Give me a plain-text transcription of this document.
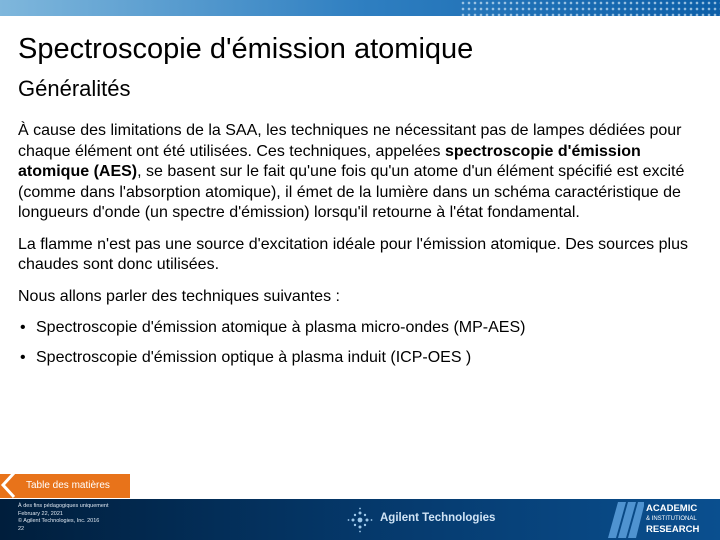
Spectroscopie d'émission atomique
Généralités

À cause des limitations de la SAA, les techniques ne nécessitant pas de lampes dédiées pour chaque élément ont été utilisées. Ces techniques, appelées spectroscopie d'émission atomique (AES), se basent sur le fait qu'une fois qu'un atome d'un élément spécifié est excité (comme dans l'absorption atomique), il émet de la lumière dans un schéma caractéristique de longueurs d'onde (un spectre d'émission) lorsqu'il retourne à l'état fondamental.

La flamme n'est pas une source d'excitation idéale pour l'émission atomique. Des sources plus chaudes sont donc utilisées.

Nous allons parler des techniques suivantes :

• Spectroscopie d'émission atomique à plasma micro-ondes (MP-AES)
• Spectroscopie d'émission optique à plasma induit (ICP-OES )
Table des matières
À des fins pédagogiques uniquement
February 22, 2021
© Agilent Technologies, Inc. 2016
22
Agilent Technologies
ACADEMIC
& INSTITUTIONAL
RESEARCH
